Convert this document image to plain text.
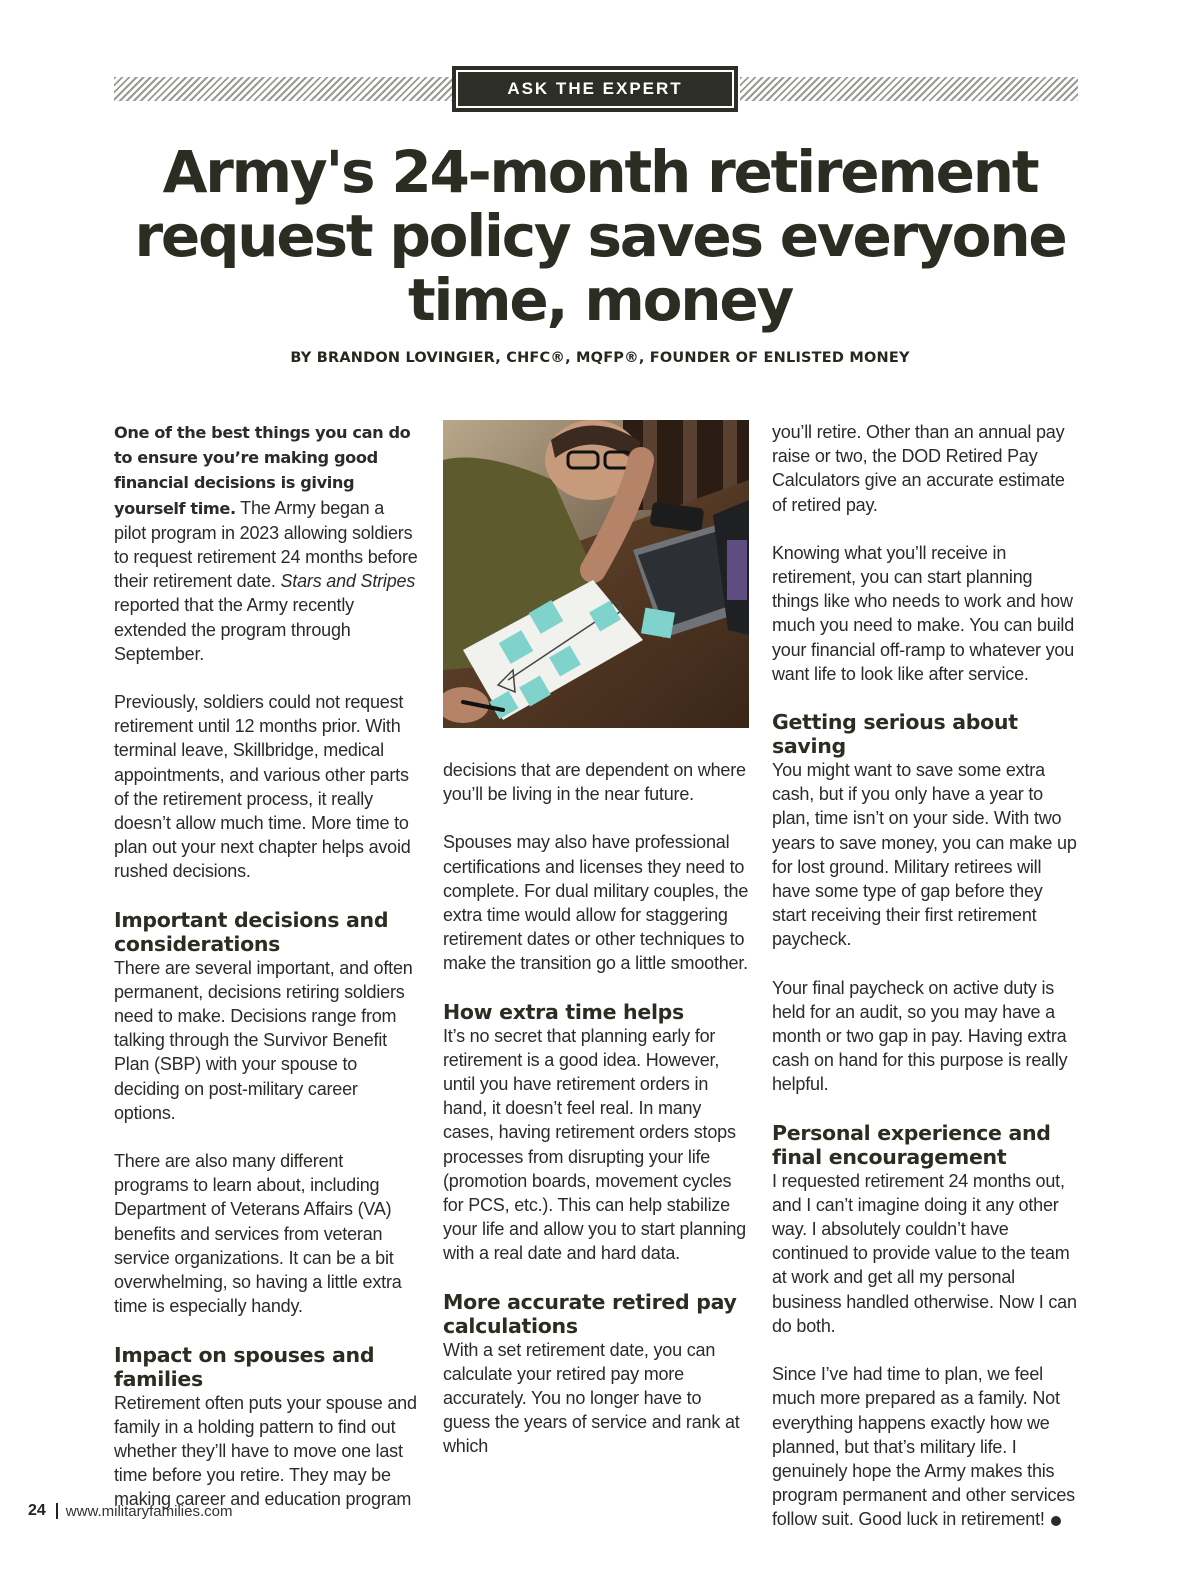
ASK THE EXPERT
Army's 24-month retirement request policy saves everyone time, money
BY BRANDON LOVINGIER, CHFC®, MQFP®, FOUNDER OF ENLISTED MONEY

One of the best things you can do to ensure you’re making good financial decisions is giving yourself time. The Army began a pilot program in 2023 allowing soldiers to request retirement 24 months before their retirement date. Stars and Stripes reported that the Army recently extended the program through September.

Previously, soldiers could not request retirement until 12 months prior. With terminal leave, Skillbridge, medical appointments, and various other parts of the retirement process, it really doesn’t allow much time. More time to plan out your next chapter helps avoid rushed decisions.

Important decisions and considerations

There are several important, and often permanent, decisions retiring soldiers need to make. Decisions range from talking through the Survivor Benefit Plan (SBP) with your spouse to deciding on post-military career options.

There are also many different programs to learn about, including Department of Veterans Affairs (VA) benefits and services from veteran service organizations. It can be a bit overwhelming, so having a little extra time is especially handy.

Impact on spouses and families

Retirement often puts your spouse and family in a holding pattern to find out whether they’ll have to move one last time before you retire. They may be making career and education program

decisions that are dependent on where you’ll be living in the near future.

Spouses may also have professional certifications and licenses they need to complete. For dual military couples, the extra time would allow for staggering retirement dates or other techniques to make the transition go a little smoother.

How extra time helps

It’s no secret that planning early for retirement is a good idea. However, until you have retirement orders in hand, it doesn’t feel real. In many cases, having retirement orders stops processes from disrupting your life (promotion boards, movement cycles for PCS, etc.). This can help stabilize your life and allow you to start planning with a real date and hard data.

More accurate retired pay calculations

With a set retirement date, you can calculate your retired pay more accurately. You no longer have to guess the years of service and rank at which

you’ll retire. Other than an annual pay raise or two, the DOD Retired Pay Calculators give an accurate estimate of retired pay.

Knowing what you’ll receive in retirement, you can start planning things like who needs to work and how much you need to make. You can build your financial off-ramp to whatever you want life to look like after service.

Getting serious about saving

You might want to save some extra cash, but if you only have a year to plan, time isn’t on your side. With two years to save money, you can make up for lost ground. Military retirees will have some type of gap before they start receiving their first retirement paycheck.

Your final paycheck on active duty is held for an audit, so you may have a month or two gap in pay. Having extra cash on hand for this purpose is really helpful.

Personal experience and final encouragement

I requested retirement 24 months out, and I can’t imagine doing it any other way. I absolutely couldn’t have continued to provide value to the team at work and get all my personal business handled otherwise. Now I can do both.

Since I’ve had time to plan, we feel much more prepared as a family. Not everything happens exactly how we planned, but that’s military life. I genuinely hope the Army makes this program permanent and other services follow suit. Good luck in retirement!

24 www.militaryfamilies.com
